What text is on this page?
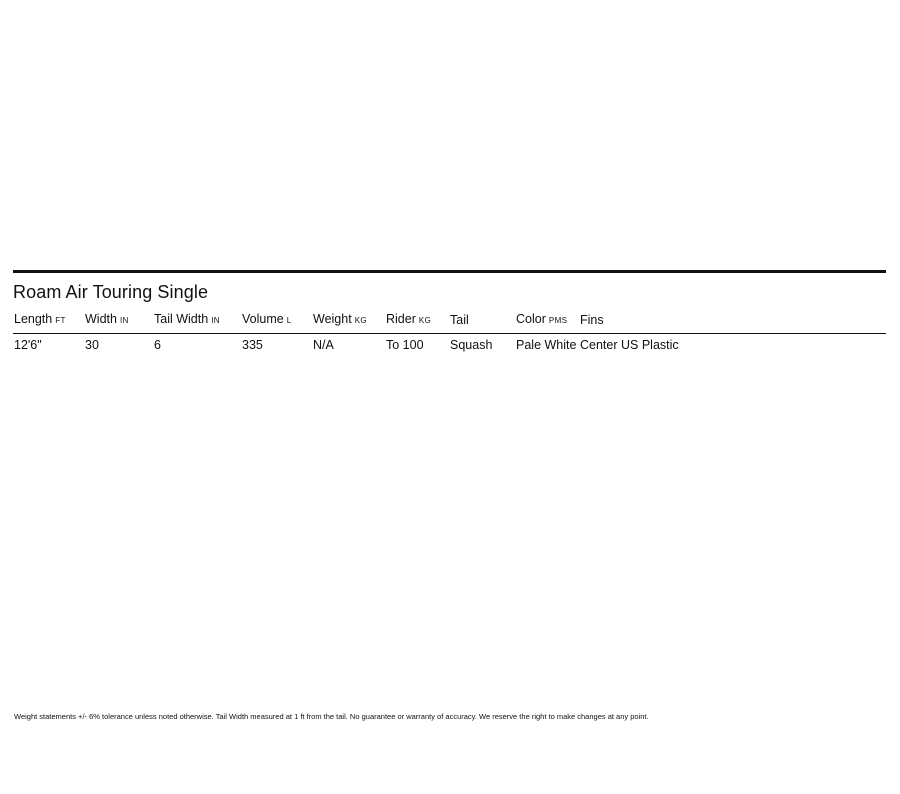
Roam Air Touring Single
Length FT	Width IN	Tail Width IN	Volume L	Weight KG	Rider KG	Tail	Color PMS	Fins
12'6"	30	6	335	N/A	To 100	Squash	Pale White	Center US Plastic
Weight statements +/- 6% tolerance unless noted otherwise. Tail Width measured at 1 ft from the tail. No guarantee or warranty of accuracy. We reserve the right to make changes at any point.
